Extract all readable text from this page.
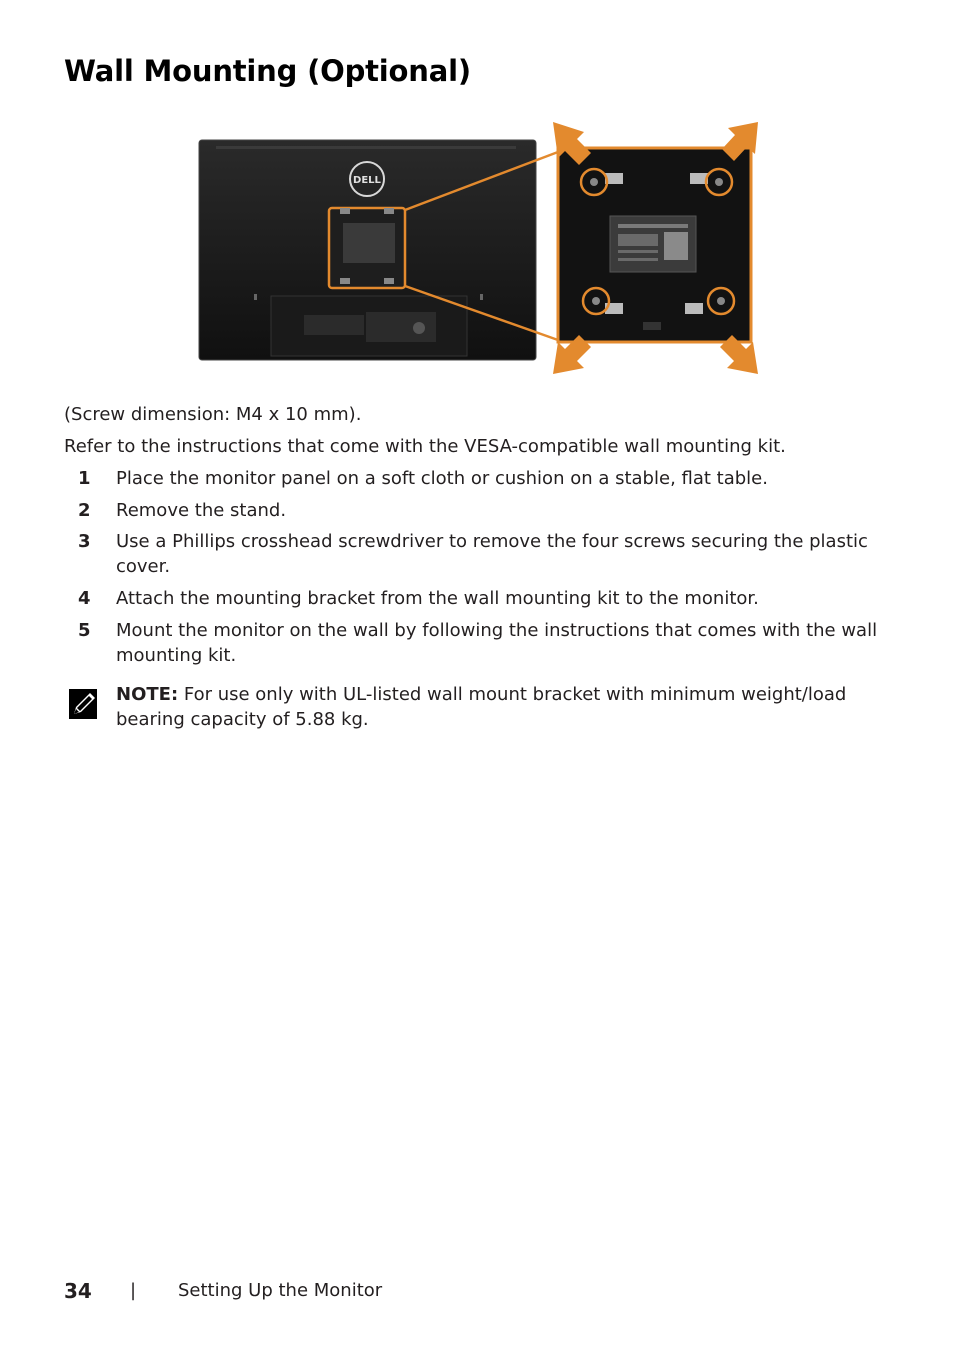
Wall Mounting (Optional)
DELL

(Screw dimension: M4 x 10 mm).

Refer to the instructions that come with the VESA-compatible wall mounting kit.

1	Place the monitor panel on a soft cloth or cushion on a stable, flat table.
2	Remove the stand.
3	Use a Phillips crosshead screwdriver to remove the four screws securing the plastic cover.
4	Attach the mounting bracket from the wall mounting kit to the monitor.
5	Mount the monitor on the wall by following the instructions that comes with the wall mounting kit.
NOTE: For use only with UL-listed wall mount bracket with minimum weight/load bearing capacity of 5.88 kg.
34 | Setting Up the Monitor
